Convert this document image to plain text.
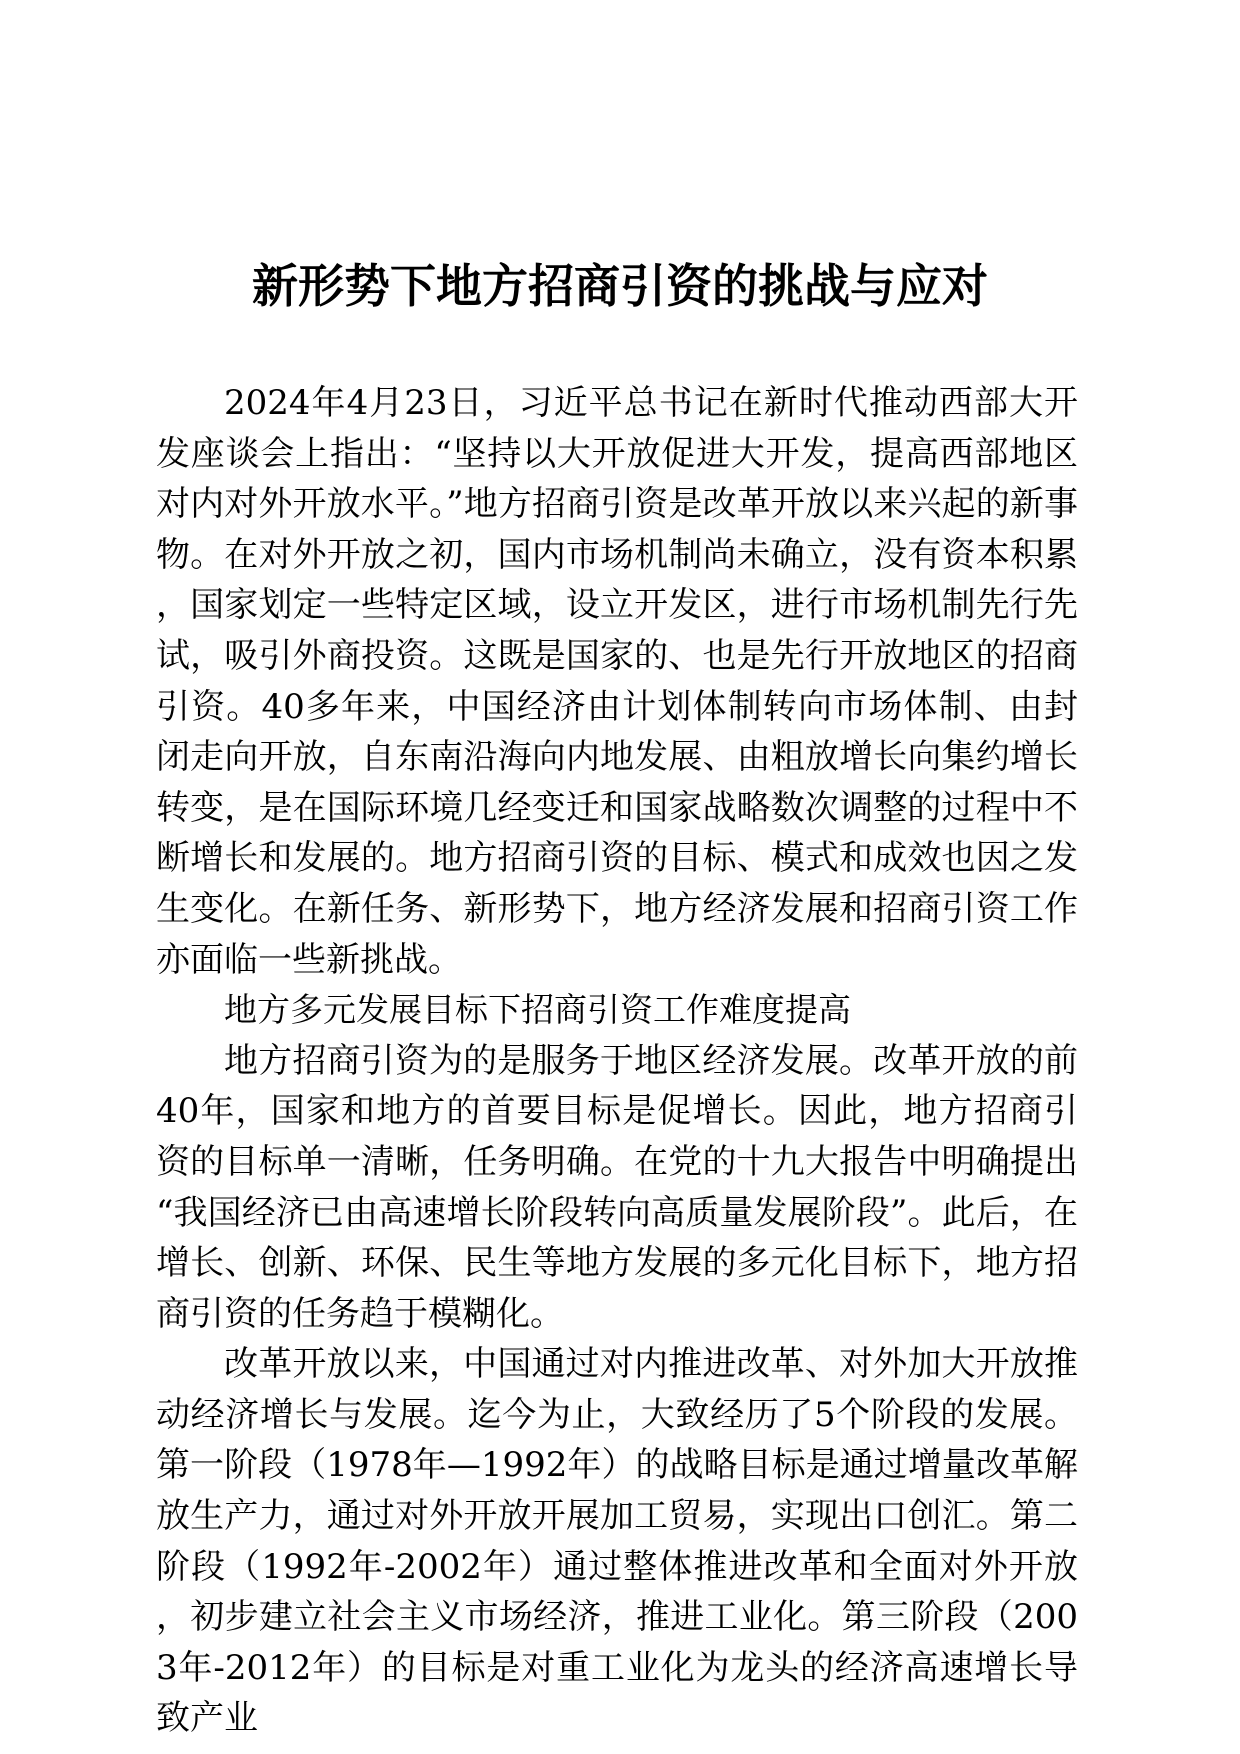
新形势下地方招商引资的挑战与应对

2024年4月23日，习近平总书记在新时代推动西部大开发座谈会上指出：“坚持以大开放促进大开发，提高西部地区对内对外开放水平。”地方招商引资是改革开放以来兴起的新事物。在对外开放之初，国内市场机制尚未确立，没有资本积累，国家划定一些特定区域，设立开发区，进行市场机制先行先试，吸引外商投资。这既是国家的、也是先行开放地区的招商引资。40多年来，中国经济由计划体制转向市场体制、由封闭走向开放，自东南沿海向内地发展、由粗放增长向集约增长转变，是在国际环境几经变迁和国家战略数次调整的过程中不断增长和发展的。地方招商引资的目标、模式和成效也因之发生变化。在新任务、新形势下，地方经济发展和招商引资工作亦面临一些新挑战。

地方多元发展目标下招商引资工作难度提高

地方招商引资为的是服务于地区经济发展。改革开放的前40年，国家和地方的首要目标是促增长。因此，地方招商引资的目标单一清晰，任务明确。在党的十九大报告中明确提出“我国经济已由高速增长阶段转向高质量发展阶段”。此后，在增长、创新、环保、民生等地方发展的多元化目标下，地方招商引资的任务趋于模糊化。

改革开放以来，中国通过对内推进改革、对外加大开放推动经济增长与发展。迄今为止，大致经历了5个阶段的发展。第一阶段（1978年—1992年）的战略目标是通过增量改革解放生产力，通过对外开放开展加工贸易，实现出口创汇。第二阶段（1992年-2002年）通过整体推进改革和全面对外开放，初步建立社会主义市场经济，推进工业化。第三阶段（2003年-2012年）的目标是对重工业化为龙头的经济高速增长导致产业
